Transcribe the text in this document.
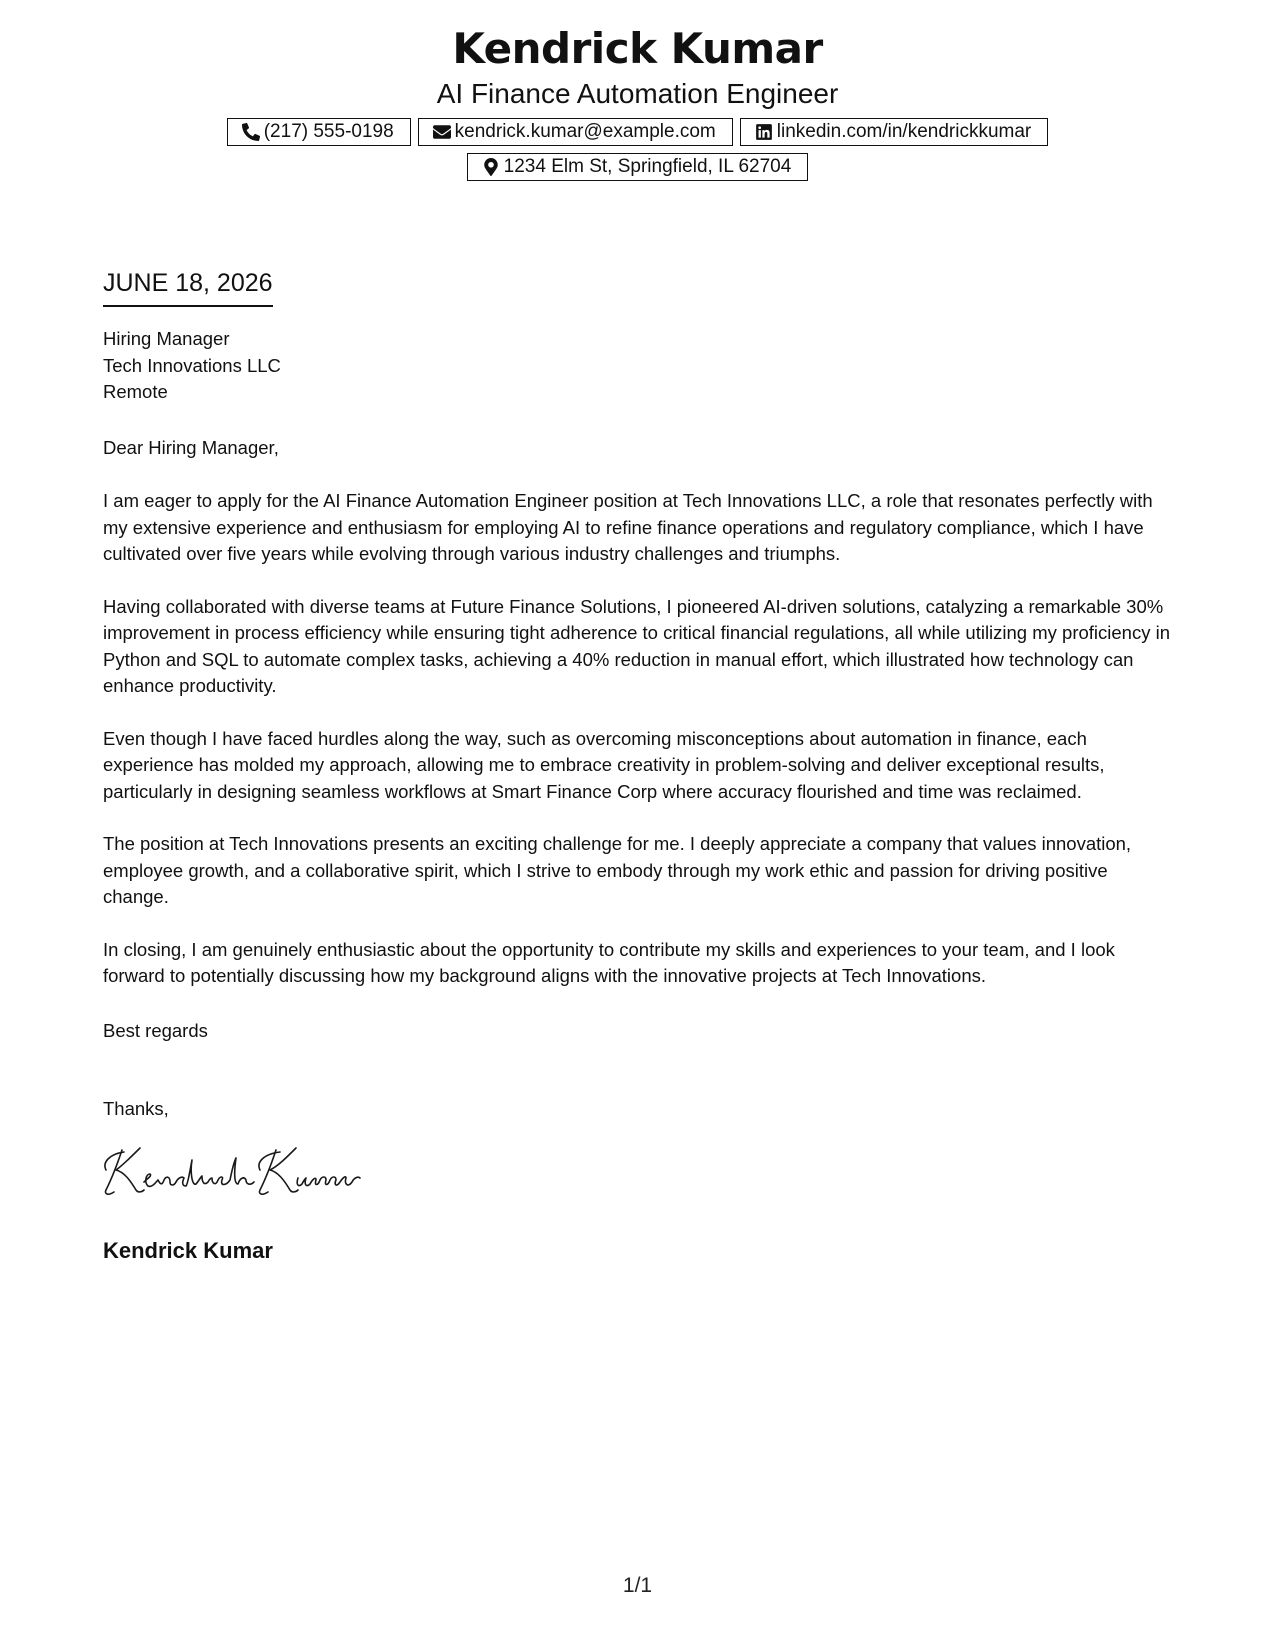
Kendrick Kumar
AI Finance Automation Engineer
(217) 555-0198	kendrick.kumar@example.com	linkedin.com/in/kendrickkumar
1234 Elm St, Springfield, IL 62704
JUNE 18, 2026
Hiring Manager
Tech Innovations LLC
Remote
Dear Hiring Manager,

I am eager to apply for the AI Finance Automation Engineer position at Tech Innovations LLC, a role that resonates perfectly with my extensive experience and enthusiasm for employing AI to refine finance operations and regulatory compliance, which I have cultivated over five years while evolving through various industry challenges and triumphs.

Having collaborated with diverse teams at Future Finance Solutions, I pioneered AI-driven solutions, catalyzing a remarkable 30% improvement in process efficiency while ensuring tight adherence to critical financial regulations, all while utilizing my proficiency in Python and SQL to automate complex tasks, achieving a 40% reduction in manual effort, which illustrated how technology can enhance productivity.

Even though I have faced hurdles along the way, such as overcoming misconceptions about automation in finance, each experience has molded my approach, allowing me to embrace creativity in problem-solving and deliver exceptional results, particularly in designing seamless workflows at Smart Finance Corp where accuracy flourished and time was reclaimed.

The position at Tech Innovations presents an exciting challenge for me. I deeply appreciate a company that values innovation, employee growth, and a collaborative spirit, which I strive to embody through my work ethic and passion for driving positive change.

In closing, I am genuinely enthusiastic about the opportunity to contribute my skills and experiences to your team, and I look forward to potentially discussing how my background aligns with the innovative projects at Tech Innovations.

Best regards
Thanks,
Kendrick Kumar
1/1
